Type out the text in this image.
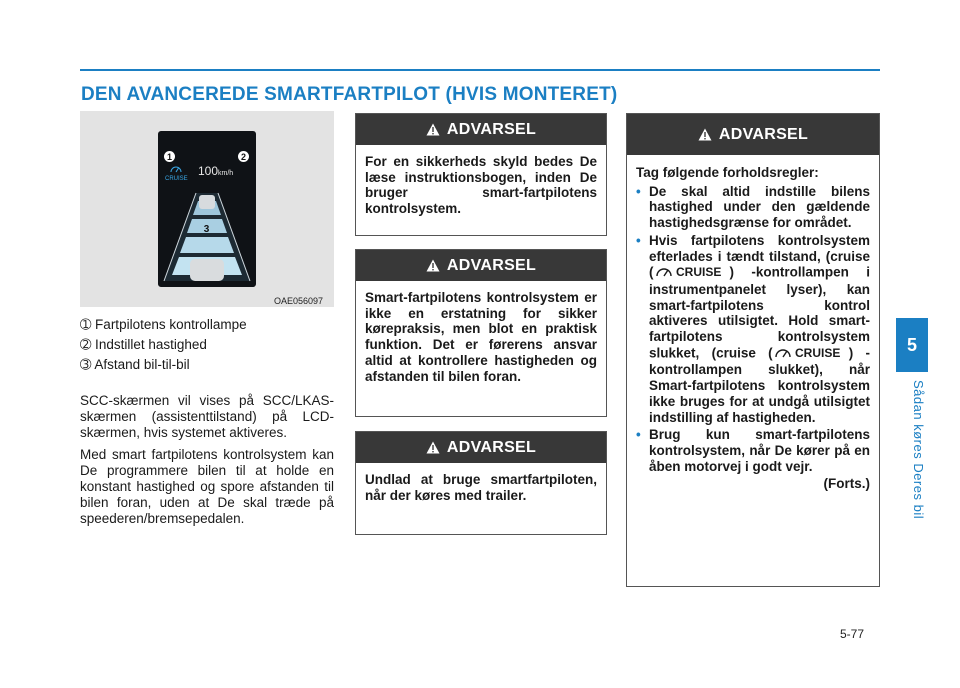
DEN AVANCEREDE SMARTFARTPILOT (HVIS MONTERET)
5
Sådan køres Deres bil
5-77
1	2
CRUISE
100km/h
3
OAE056097
➀ Fartpilotens kontrollampe
➁ Indstillet hastighed
➂ Afstand bil-til-bil

SCC-skærmen vil vises på SCC/LKAS-skærmen (assistenttilstand) på LCD-skærmen, hvis systemet aktiveres.

Med smart fartpilotens kontrolsystem kan De programmere bilen til at holde en konstant hastighed og spore afstanden til bilen foran, uden at De skal træde på speederen/bremsepedalen.

ADVARSEL
For en sikkerheds skyld bedes De læse instruktionsbogen, inden De bruger smart-fartpilotens kontrolsystem.
ADVARSEL
Smart-fartpilotens kontrolsystem er ikke en erstatning for sikker kørepraksis, men blot en praktisk funktion. Det er førerens ansvar altid at kontrollere hastigheden og afstanden til bilen foran.
ADVARSEL
Undlad at bruge smartfartpiloten, når der køres med trailer.
ADVARSEL
Tag følgende forholdsregler:
• De skal altid indstille bilens hastighed under den gældende hastighedsgrænse for området.
• Hvis fartpilotens kontrolsystem efterlades i tændt tilstand, (cruise ( CRUISE ) -kontrollampen i instrumentpanelet lyser), kan smart-fartpilotens kontrol aktiveres utilsigtet. Hold smart-fartpilotens kontrolsystem slukket, (cruise ( CRUISE ) -kontrollampen slukket), når Smart-fartpilotens kontrolsystem ikke bruges for at undgå utilsigtet indstilling af hastigheden.
• Brug kun smart-fartpilotens kontrolsystem, når De kører på en åben motorvej i godt vejr.
(Forts.)
